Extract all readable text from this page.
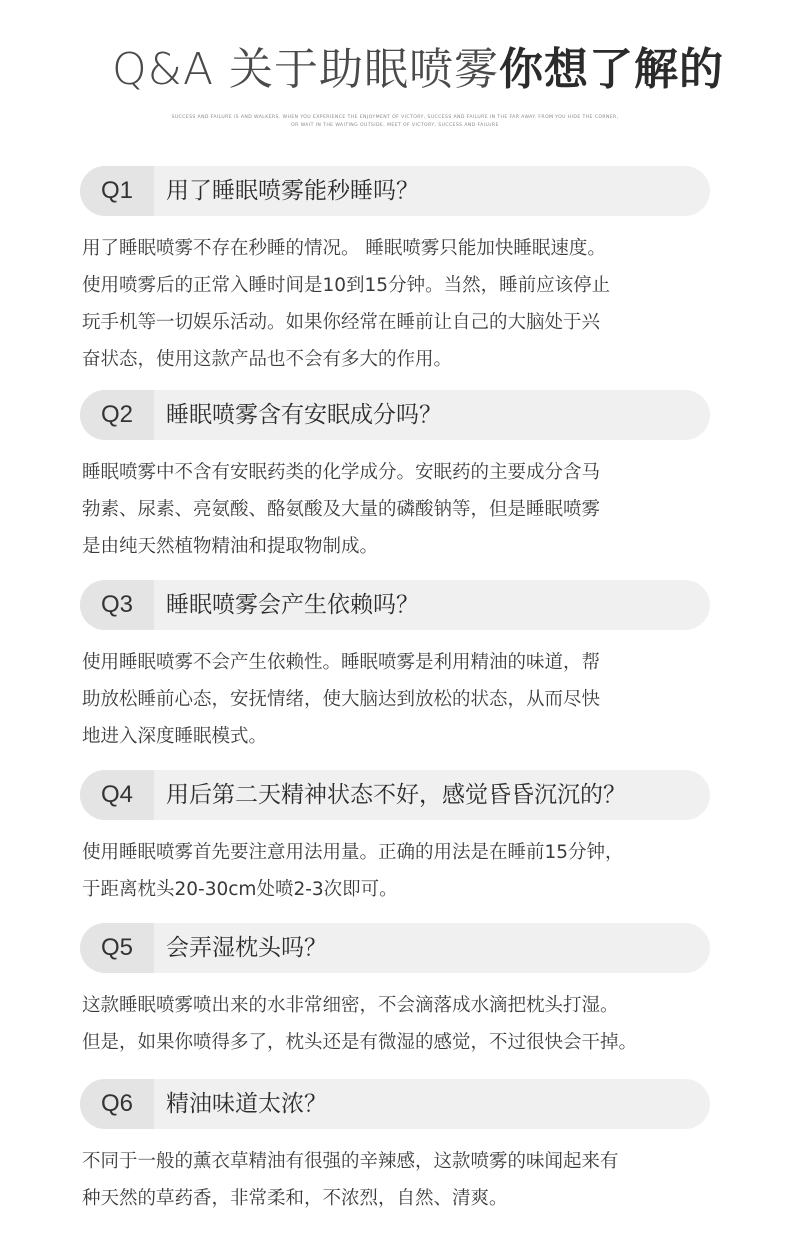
Q&A 关于助眠喷雾你想了解的
SUCCESS AND FAILURE IS AND WALKERS. WHEN YOU EXPERIENCE THE ENJOYMENT OF VICTORY, SUCCESS AND FAILURE IN THE FAR AWAY. FROM YOU HIDE THE CORNER,
OR WAIT IN THE WAITING OUTSIDE, MEET OF VICTORY, SUCCESS AND FAILURE
Q1	用了睡眠喷雾能秒睡吗？
用了睡眠喷雾不存在秒睡的情况。 睡眠喷雾只能加快睡眠速度。
使用喷雾后的正常入睡时间是10到15分钟。当然，睡前应该停止
玩手机等一切娱乐活动。如果你经常在睡前让自己的大脑处于兴
奋状态，使用这款产品也不会有多大的作用。
Q2	睡眠喷雾含有安眠成分吗？
睡眠喷雾中不含有安眠药类的化学成分。安眠药的主要成分含马
勃素、尿素、亮氨酸、酪氨酸及大量的磷酸钠等，但是睡眠喷雾
是由纯天然植物精油和提取物制成。
Q3	睡眠喷雾会产生依赖吗？
使用睡眠喷雾不会产生依赖性。睡眠喷雾是利用精油的味道，帮
助放松睡前心态，安抚情绪，使大脑达到放松的状态，从而尽快
地进入深度睡眠模式。
Q4	用后第二天精神状态不好，感觉昏昏沉沉的？
使用睡眠喷雾首先要注意用法用量。正确的用法是在睡前15分钟，
于距离枕头20-30cm处喷2-3次即可。
Q5	会弄湿枕头吗？
这款睡眠喷雾喷出来的水非常细密，不会滴落成水滴把枕头打湿。
但是，如果你喷得多了，枕头还是有微湿的感觉，不过很快会干掉。
Q6	精油味道太浓？
不同于一般的薰衣草精油有很强的辛辣感，这款喷雾的味闻起来有
种天然的草药香，非常柔和，不浓烈，自然、清爽。
